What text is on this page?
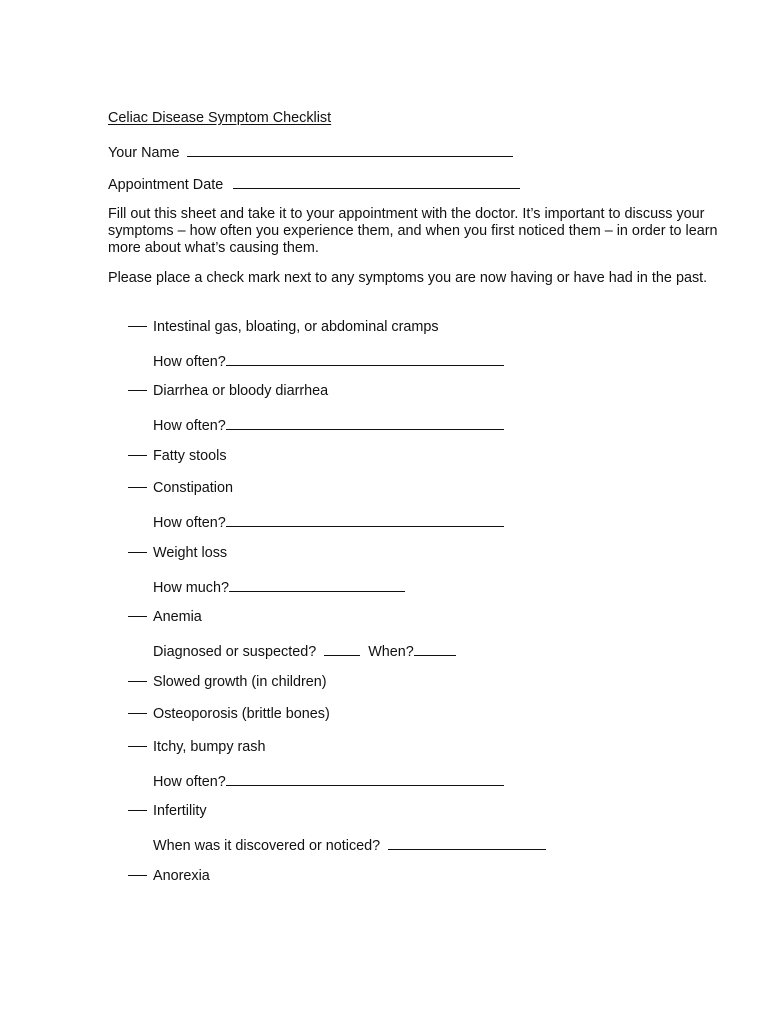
Celiac Disease Symptom Checklist
Your Name
Appointment Date
Fill out this sheet and take it to your appointment with the doctor. It’s important to discuss your symptoms – how often you experience them, and when you first noticed them – in order to learn more about what’s causing them.
Please place a check mark next to any symptoms you are now having or have had in the past.
Intestinal gas, bloating, or abdominal cramps
How often?
Diarrhea or bloody diarrhea
How often?
Fatty stools
Constipation
How often?
Weight loss
How much?
Anemia
Diagnosed or suspected?	When?
Slowed growth (in children)
Osteoporosis (brittle bones)
Itchy, bumpy rash
How often?
Infertility
When was it discovered or noticed?
Anorexia
